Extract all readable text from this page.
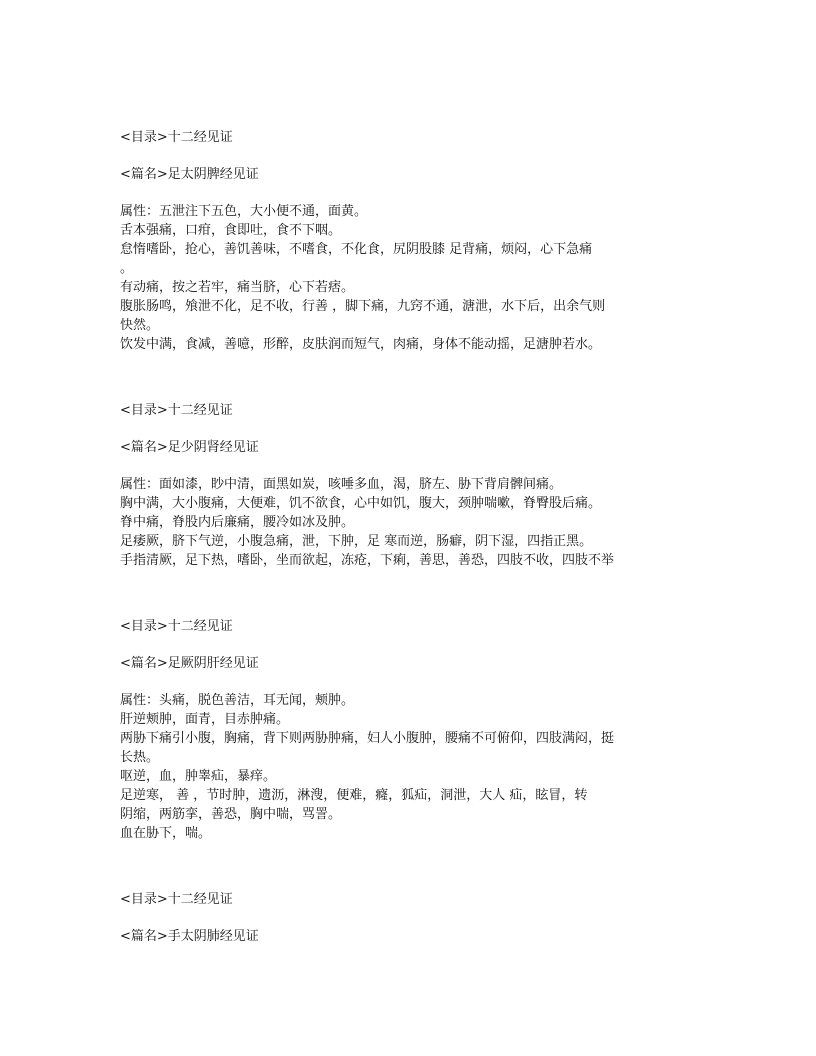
<目录>十二经见证

<篇名>足太阴脾经见证

属性：五泄注下五色，大小便不通，面黄。

舌本强痛，口疳，食即吐，食不下咽。

怠惰嗜卧，抢心，善饥善味，不嗜食，不化食，尻阴股膝 足背痛，烦闷，心下急痛

。

有动痛，按之若牢，痛当脐，心下若痞。

腹胀肠鸣，飧泄不化，足不收，行善 ，脚下痛，九窍不通，溏泄，水下后，出余气则

快然。

饮发中满，食减，善噫，形醉，皮肤润而短气，肉痛，身体不能动摇，足溏肿若水。

<目录>十二经见证

<篇名>足少阴肾经见证

属性：面如漆，眇中清，面黑如炭，咳唾多血，渴，脐左、胁下背肩髀间痛。

胸中满，大小腹痛，大便难，饥不欲食，心中如饥，腹大，颈肿喘嗽，脊臀股后痛。

脊中痛，脊股内后廉痛，腰冷如冰及肿。

足痿厥，脐下气逆，小腹急痛，泄，下肿，足 寒而逆，肠癖，阴下湿，四指正黑。

手指清厥，足下热，嗜卧，坐而欲起，冻疮，下痢，善思，善恐，四肢不收，四肢不举

<目录>十二经见证

<篇名>足厥阴肝经见证

属性：头痛，脱色善洁，耳无闻，颊肿。

肝逆颊肿，面青，目赤肿痛。

两胁下痛引小腹，胸痛，背下则两胁肿痛，妇人小腹肿，腰痛不可俯仰，四肢满闷，挺

长热。

呕逆，血，肿睾疝，暴痒。

足逆寒， 善 ，节时肿，遗沥，淋溲，便难，癃，狐疝，洞泄，大人 疝，眩冒，转

阴缩，两筋挛，善恐，胸中喘，骂詈。

血在胁下，喘。

<目录>十二经见证

<篇名>手太阴肺经见证
